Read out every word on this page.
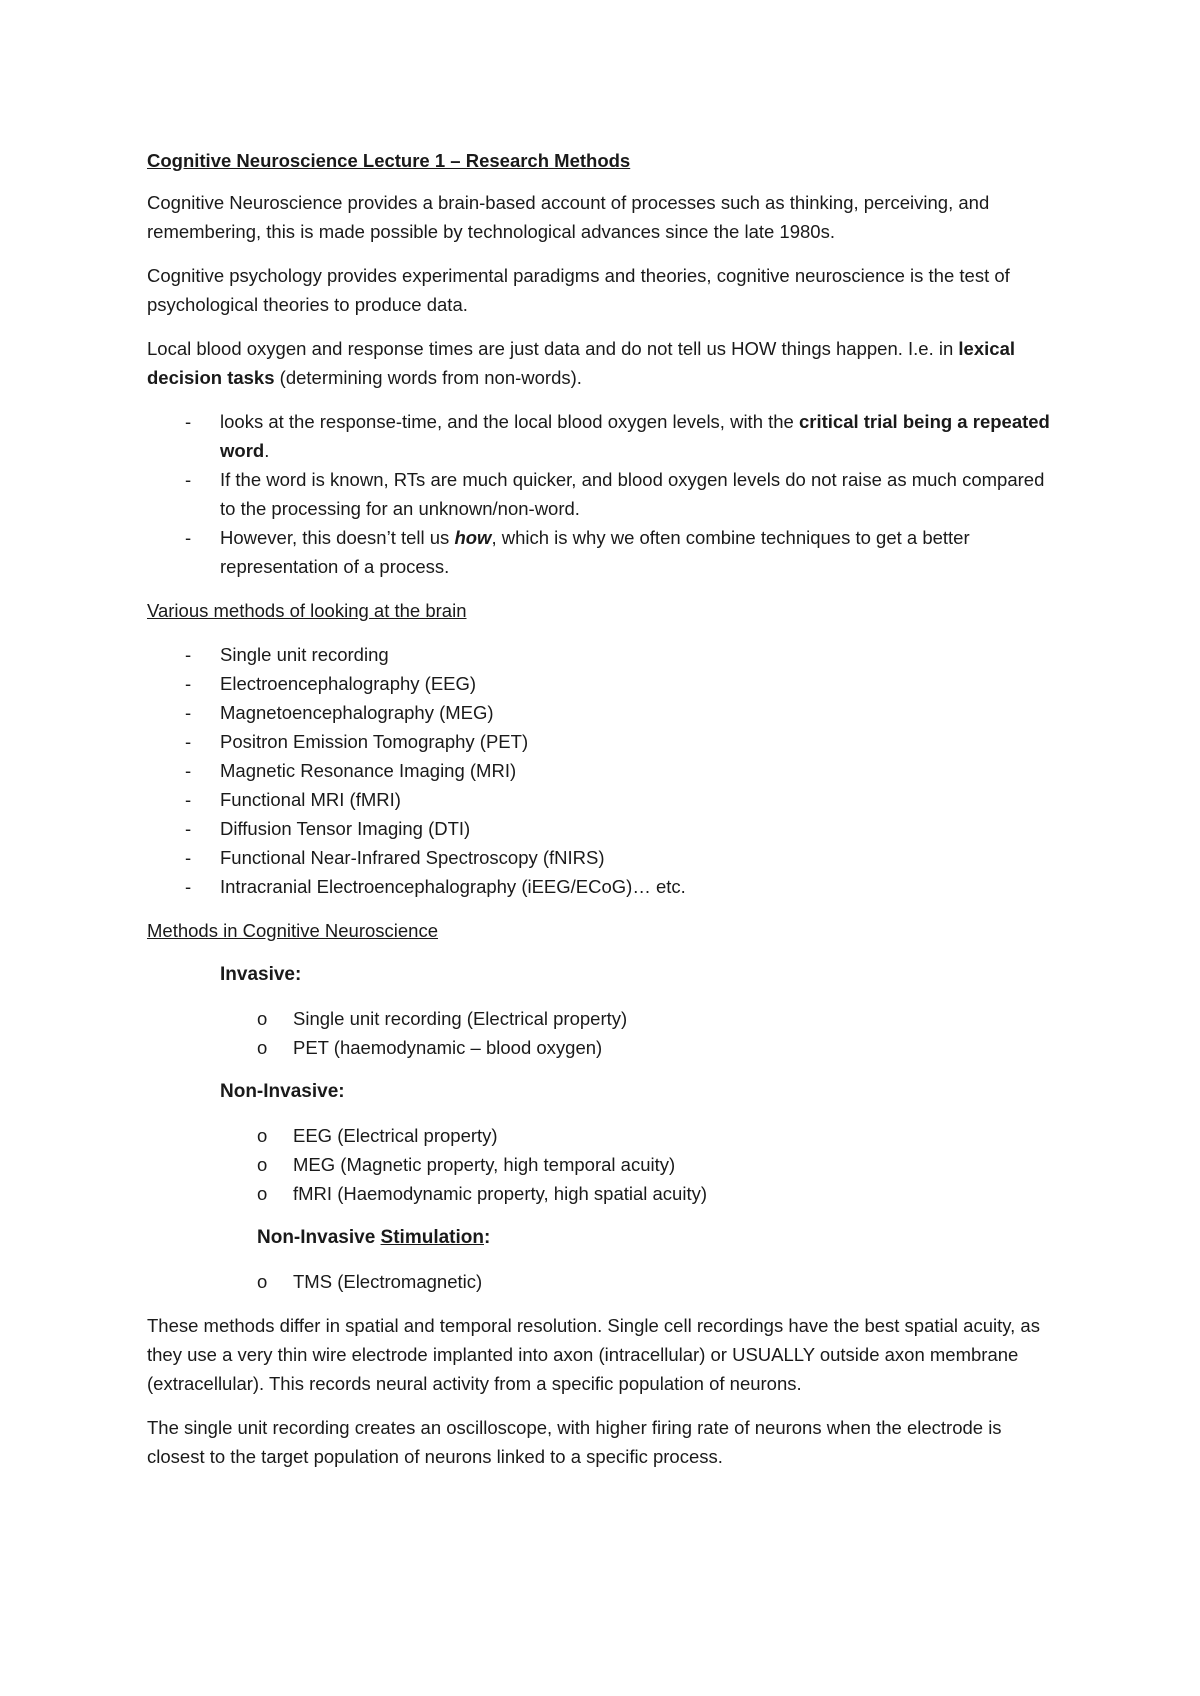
Cognitive Neuroscience Lecture 1 – Research Methods

Cognitive Neuroscience provides a brain-based account of processes such as thinking, perceiving, and remembering, this is made possible by technological advances since the late 1980s.

Cognitive psychology provides experimental paradigms and theories, cognitive neuroscience is the test of psychological theories to produce data.

Local blood oxygen and response times are just data and do not tell us HOW things happen. I.e. in lexical decision tasks (determining words from non-words).

- looks at the response-time, and the local blood oxygen levels, with the critical trial being a repeated word.
- If the word is known, RTs are much quicker, and blood oxygen levels do not raise as much compared to the processing for an unknown/non-word.
- However, this doesn’t tell us how, which is why we often combine techniques to get a better representation of a process.

Various methods of looking at the brain

- Single unit recording
- Electroencephalography (EEG)
- Magnetoencephalography (MEG)
- Positron Emission Tomography (PET)
- Magnetic Resonance Imaging (MRI)
- Functional MRI (fMRI)
- Diffusion Tensor Imaging (DTI)
- Functional Near-Infrared Spectroscopy (fNIRS)
- Intracranial Electroencephalography (iEEG/ECoG)… etc.

Methods in Cognitive Neuroscience

Invasive:

o Single unit recording (Electrical property)
o PET (haemodynamic – blood oxygen)

Non-Invasive:

o EEG (Electrical property)
o MEG (Magnetic property, high temporal acuity)
o fMRI (Haemodynamic property, high spatial acuity)

Non-Invasive Stimulation:

o TMS (Electromagnetic)

These methods differ in spatial and temporal resolution. Single cell recordings have the best spatial acuity, as they use a very thin wire electrode implanted into axon (intracellular) or USUALLY outside axon membrane (extracellular). This records neural activity from a specific population of neurons.

The single unit recording creates an oscilloscope, with higher firing rate of neurons when the electrode is closest to the target population of neurons linked to a specific process.
